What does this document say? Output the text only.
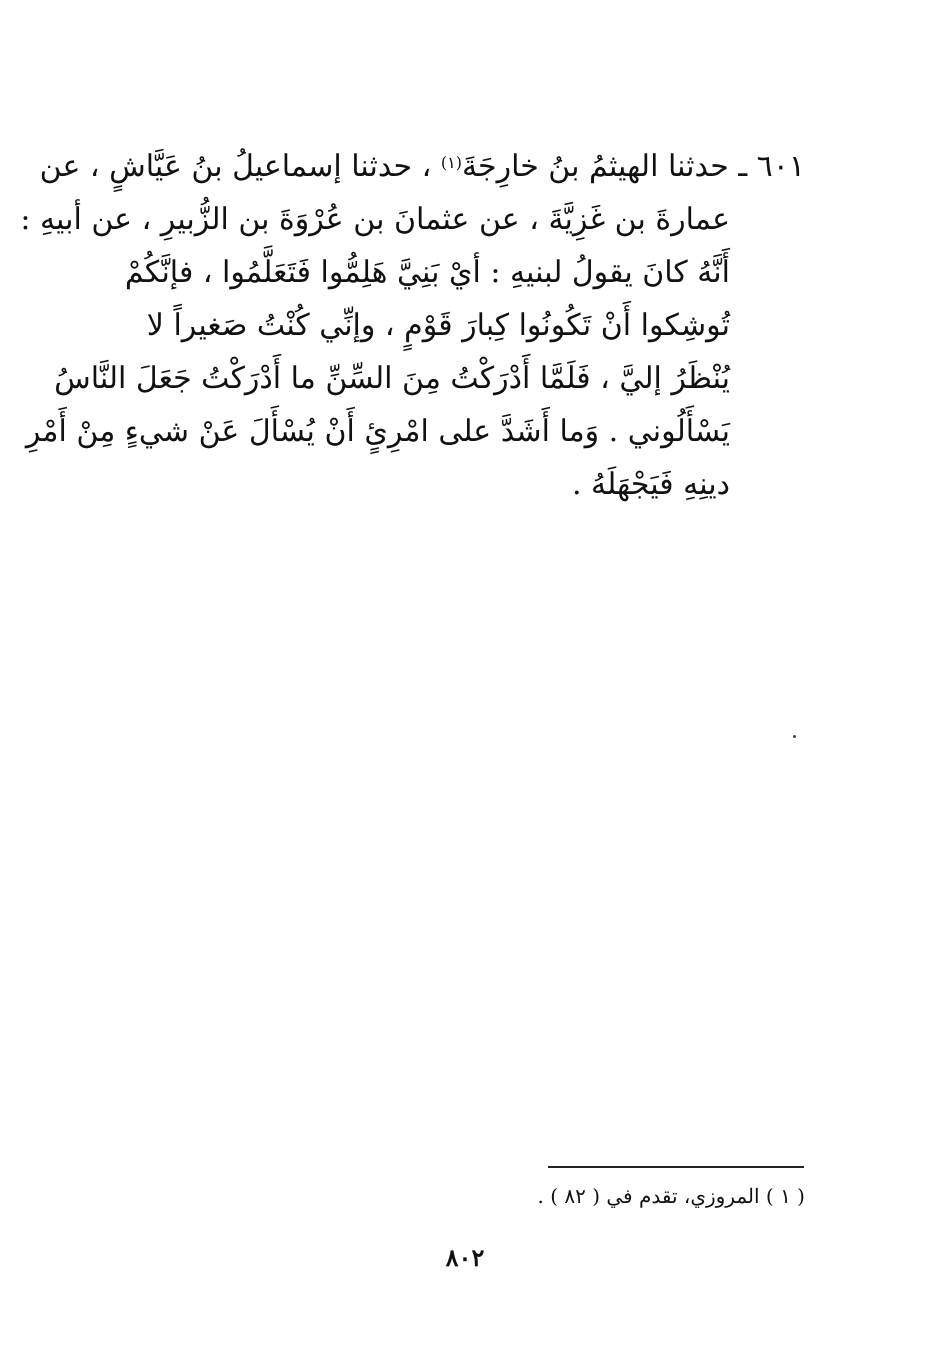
٦٠١ ـ حدثنا الهيثمُ بنُ خارِجَةَ$^{(١)}$ ، حدثنا إسماعيلُ بنُ عَيَّاشٍ ، عن
عمارةَ بن غَزِيَّةَ ، عن عثمانَ بن عُرْوَةَ بن الزُّبيرِ ، عن أبيهِ :
أَنَّهُ كانَ يقولُ لبنيهِ : أيْ بَنِيَّ هَلِمُّوا فَتَعَلَّمُوا ، فإنَّكُمْ
تُوشِكوا أَنْ تَكُونُوا كِبارَ قَوْمٍ ، وإنِّي كُنْتُ صَغيراً لا
يُنْظَرُ إليَّ ، فَلَمَّا أَدْرَكْتُ مِنَ السِّنِّ ما أَدْرَكْتُ جَعَلَ النَّاسُ
يَسْأَلُوني . وَما أَشَدَّ على امْرِئٍ أَنْ يُسْأَلَ عَنْ شيءٍ مِنْ أَمْرِ
دينِهِ فَيَجْهَلَهُ .
( ١ ) المروزي، تقدم في ( ٨٢ ) .
٨٠٢
